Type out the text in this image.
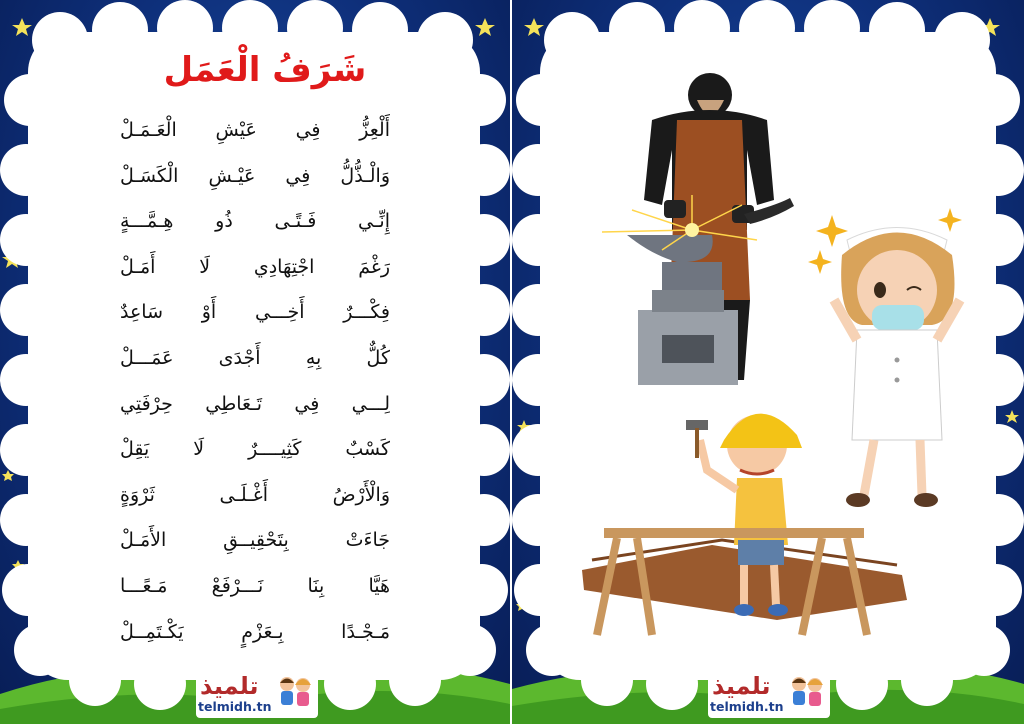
شَرَفُ الْعَمَل
أَلْعِزُّ فِي عَيْشِ الْعَـمَـلْ
وَالْـذُّلُّ فِي عَيْـشِ الْكَسَـلْ
إِنِّـي فَـتًـى ذُو هِـمَّـــةٍ
رَغْمَ اجْتِهَادِي لَا أَمَـلْ
فِكْـــرٌ أَخِـــي أَوْ سَاعِدٌ
كُلٌّ بِهِ أَجْدَى عَمَـــلْ
لِـــي فِي تَـعَاطِي حِرْفَتِي
كَسْبٌ كَثِيــــرٌ لَا يَقِلْ
وَالْأَرْضُ أَغْـلَـى ثَرْوَةٍ
جَاءَتْ بِتَحْقِيــقِ الأَمَـلْ
هَيَّا بِنَا نَـــرْفَعْ مَـعًـــا
مَـجْـدًا بِـعَزْمٍ يَكْـتَمِــلْ
تلميذ
telmidh.tn
تلميذ
telmidh.tn
